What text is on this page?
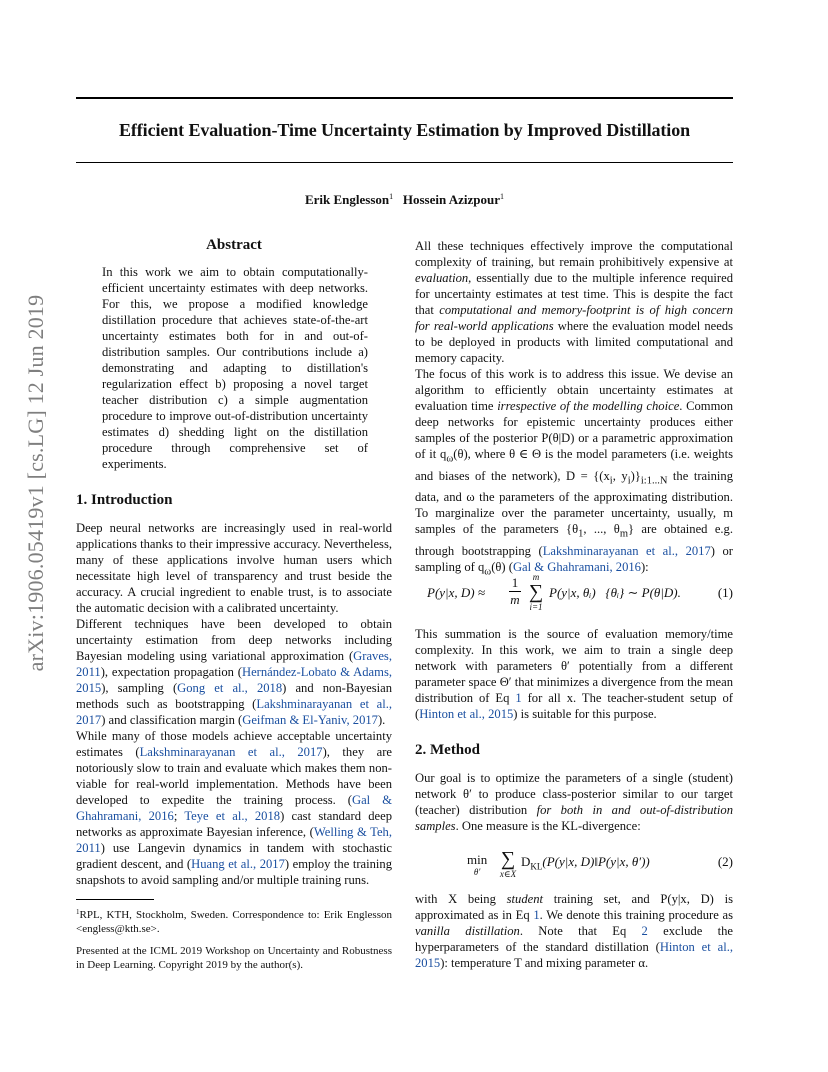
Efficient Evaluation-Time Uncertainty Estimation by Improved Distillation
Erik Englesson$^1$ Hossein Azizpour$^1$
arXiv:1906.05419v1 [cs.LG] 12 Jun 2019
Abstract

In this work we aim to obtain computationally-efficient uncertainty estimates with deep networks. For this, we propose a modified knowledge distillation procedure that achieves state-of-the-art uncertainty estimates both for in and out-of-distribution samples. Our contributions include a) demonstrating and adapting to distillation's regularization effect b) proposing a novel target teacher distribution c) a simple augmentation procedure to improve out-of-distribution uncertainty estimates d) shedding light on the distillation procedure through comprehensive set of experiments.

1. Introduction

Deep neural networks are increasingly used in real-world applications thanks to their impressive accuracy. Nevertheless, many of these applications involve human users which necessitate high level of transparency and trust beside the accuracy. A crucial ingredient to enable trust, is to associate the automatic decision with a calibrated uncertainty.

Different techniques have been developed to obtain uncertainty estimation from deep networks including Bayesian modeling using variational approximation (Graves, 2011), expectation propagation (Hernández-Lobato & Adams, 2015), sampling (Gong et al., 2018) and non-Bayesian methods such as bootstrapping (Lakshminarayanan et al., 2017) and classification margin (Geifman & El-Yaniv, 2017).

While many of those models achieve acceptable uncertainty estimates (Lakshminarayanan et al., 2017), they are notoriously slow to train and evaluate which makes them non-viable for real-world implementation. Methods have been developed to expedite the training process. (Gal & Ghahramani, 2016; Teye et al., 2018) cast standard deep networks as approximate Bayesian inference, (Welling & Teh, 2011) use Langevin dynamics in tandem with stochastic gradient descent, and (Huang et al., 2017) employ the training snapshots to avoid sampling and/or multiple training runs.

$^1$RPL, KTH, Stockholm, Sweden. Correspondence to: Erik Englesson <engless@kth.se>.

Presented at the ICML 2019 Workshop on Uncertainty and Robustness in Deep Learning. Copyright 2019 by the author(s).

All these techniques effectively improve the computational complexity of training, but remain prohibitively expensive at evaluation, essentially due to the multiple inference required for uncertainty estimates at test time. This is despite the fact that computational and memory-footprint is of high concern for real-world applications where the evaluation model needs to be deployed in products with limited computational and memory capacity.

The focus of this work is to address this issue. We devise an algorithm to efficiently obtain uncertainty estimates at evaluation time irrespective of the modelling choice. Common deep networks for epistemic uncertainty produces either samples of the posterior P(θ|D) or a parametric approximation of it $q_\omega(\theta)$, where θ ∈ Θ is the model parameters (i.e. weights and biases of the network), $D = \{(x_i$, $y_i)\}_{i:1...N}$ the training data, and ω the parameters of the approximating distribution. To marginalize over the parameter uncertainty, usually, m samples of the parameters {$\theta_1$, ..., $\theta_m$} are obtained e.g. through bootstrapping (Lakshminarayanan et al., 2017) or sampling of $q_\omega(\theta)$ (Gal & Ghahramani, 2016):

P(y|x, $D) \approx \frac{1}{m}$	m
∑
i=1
P(y|x, θᵢ)   {θᵢ} ∼ P(θ|D).	(1)

This summation is the source of evaluation memory/time complexity. In this work, we aim to train a single deep network with parameters θ′ potentially from a different parameter space Θ′ that minimizes a divergence from the mean distribution of Eq 1 for all x. The teacher-student setup of (Hinton et al., 2015) is suitable for this purpose.

2. Method

Our goal is to optimize the parameters of a single (student) network θ′ to produce class-posterior similar to our target (teacher) distribution for both in and out-of-distribution samples. One measure is the KL-divergence:

min
θ′
∑
x∈X
$D_{KL}(P(y|x$, D)‖P(y|x, θ′))	(2)

with X being student training set, and P(y|x, D) is approximated as in Eq 1. We denote this training procedure as vanilla distillation. Note that Eq 2 exclude the hyperparameters of the standard distillation (Hinton et al., 2015): temperature T and mixing parameter α.
